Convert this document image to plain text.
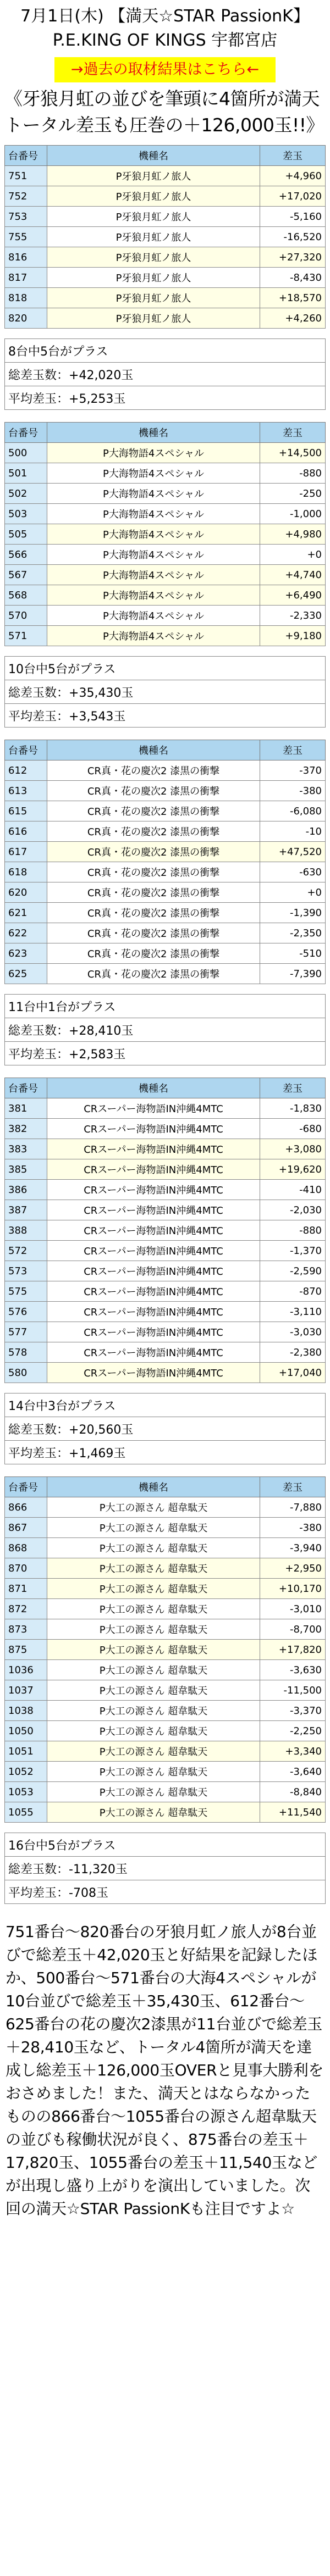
7月1日(木) 【満天☆STAR PassionK】
P.E.KING OF KINGS 宇都宮店
→過去の取材結果はこちら←
《牙狼月虹の並びを筆頭に4箇所が満天トータル差玉も圧巻の＋126,000玉!!》
台番号	機種名	差玉
751	P牙狼月虹ノ旅人	+4,960
752	P牙狼月虹ノ旅人	+17,020
753	P牙狼月虹ノ旅人	-5,160
755	P牙狼月虹ノ旅人	-16,520
816	P牙狼月虹ノ旅人	+27,320
817	P牙狼月虹ノ旅人	-8,430
818	P牙狼月虹ノ旅人	+18,570
820	P牙狼月虹ノ旅人	+4,260
8台中5台がプラス
総差玉数：+42,020玉
平均差玉：+5,253玉
台番号	機種名	差玉
500	P大海物語4スペシャル	+14,500
501	P大海物語4スペシャル	-880
502	P大海物語4スペシャル	-250
503	P大海物語4スペシャル	-1,000
505	P大海物語4スペシャル	+4,980
566	P大海物語4スペシャル	+0
567	P大海物語4スペシャル	+4,740
568	P大海物語4スペシャル	+6,490
570	P大海物語4スペシャル	-2,330
571	P大海物語4スペシャル	+9,180
10台中5台がプラス
総差玉数：+35,430玉
平均差玉：+3,543玉
台番号	機種名	差玉
612	CR真・花の慶次2 漆黒の衝撃	-370
613	CR真・花の慶次2 漆黒の衝撃	-380
615	CR真・花の慶次2 漆黒の衝撃	-6,080
616	CR真・花の慶次2 漆黒の衝撃	-10
617	CR真・花の慶次2 漆黒の衝撃	+47,520
618	CR真・花の慶次2 漆黒の衝撃	-630
620	CR真・花の慶次2 漆黒の衝撃	+0
621	CR真・花の慶次2 漆黒の衝撃	-1,390
622	CR真・花の慶次2 漆黒の衝撃	-2,350
623	CR真・花の慶次2 漆黒の衝撃	-510
625	CR真・花の慶次2 漆黒の衝撃	-7,390
11台中1台がプラス
総差玉数：+28,410玉
平均差玉：+2,583玉
台番号	機種名	差玉
381	CRスーパー海物語IN沖縄4MTC	-1,830
382	CRスーパー海物語IN沖縄4MTC	-680
383	CRスーパー海物語IN沖縄4MTC	+3,080
385	CRスーパー海物語IN沖縄4MTC	+19,620
386	CRスーパー海物語IN沖縄4MTC	-410
387	CRスーパー海物語IN沖縄4MTC	-2,030
388	CRスーパー海物語IN沖縄4MTC	-880
572	CRスーパー海物語IN沖縄4MTC	-1,370
573	CRスーパー海物語IN沖縄4MTC	-2,590
575	CRスーパー海物語IN沖縄4MTC	-870
576	CRスーパー海物語IN沖縄4MTC	-3,110
577	CRスーパー海物語IN沖縄4MTC	-3,030
578	CRスーパー海物語IN沖縄4MTC	-2,380
580	CRスーパー海物語IN沖縄4MTC	+17,040
14台中3台がプラス
総差玉数：+20,560玉
平均差玉：+1,469玉
台番号	機種名	差玉
866	P大工の源さん 超韋駄天	-7,880
867	P大工の源さん 超韋駄天	-380
868	P大工の源さん 超韋駄天	-3,940
870	P大工の源さん 超韋駄天	+2,950
871	P大工の源さん 超韋駄天	+10,170
872	P大工の源さん 超韋駄天	-3,010
873	P大工の源さん 超韋駄天	-8,700
875	P大工の源さん 超韋駄天	+17,820
1036	P大工の源さん 超韋駄天	-3,630
1037	P大工の源さん 超韋駄天	-11,500
1038	P大工の源さん 超韋駄天	-3,370
1050	P大工の源さん 超韋駄天	-2,250
1051	P大工の源さん 超韋駄天	+3,340
1052	P大工の源さん 超韋駄天	-3,640
1053	P大工の源さん 超韋駄天	-8,840
1055	P大工の源さん 超韋駄天	+11,540
16台中5台がプラス
総差玉数：-11,320玉
平均差玉：-708玉
751番台〜820番台の牙狼月虹ノ旅人が8台並びで総差玉＋42,020玉と好結果を記録したほか、500番台〜571番台の大海4スペシャルが10台並びで総差玉＋35,430玉、612番台〜625番台の花の慶次2漆黒が11台並びで総差玉＋28,410玉など、トータル4箇所が満天を達成し総差玉＋126,000玉OVERと見事大勝利をおさめました！また、満天とはならなかったものの866番台〜1055番台の源さん超韋駄天の並びも稼働状況が良く、875番台の差玉＋17,820玉、1055番台の差玉＋11,540玉などが出現し盛り上がりを演出していました。次回の満天☆STAR PassionKも注目ですよ☆
